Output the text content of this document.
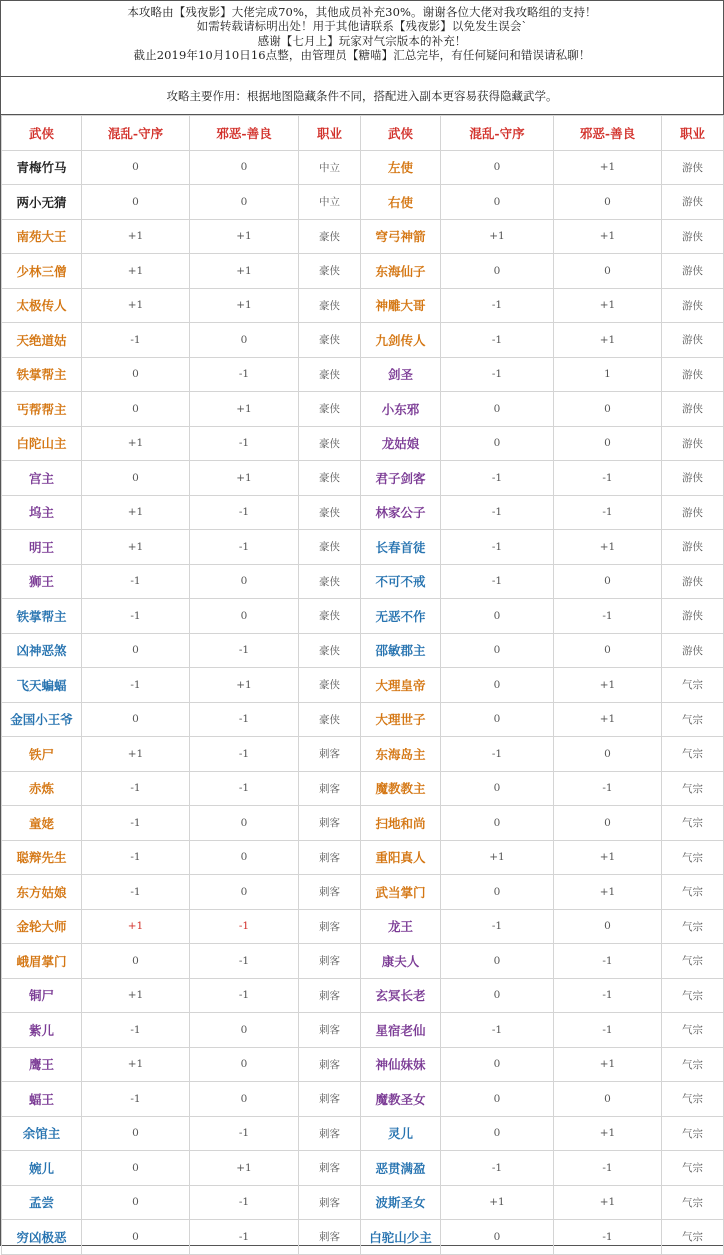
本攻略由【残夜影】大佬完成70%，其他成员补充30%。谢谢各位大佬对我攻略组的支持！
如需转载请标明出处！用于其他请联系【残夜影】以免发生误会`
感谢【七月上】玩家对气宗版本的补充！
截止2019年10月10日16点整，由管理员【糖喵】汇总完毕，有任何疑问和错误请私聊！
攻略主要作用：根据地图隐藏条件不同，搭配进入副本更容易获得隐藏武学。
武侠	混乱-守序	邪恶-善良	职业	武侠	混乱-守序	邪恶-善良	职业
青梅竹马	0	0	中立	左使	0	+1	游侠
两小无猜	0	0	中立	右使	0	0	游侠
南苑大王	+1	+1	豪侠	穹弓神箭	+1	+1	游侠
少林三僧	+1	+1	豪侠	东海仙子	0	0	游侠
太极传人	+1	+1	豪侠	神雕大哥	-1	+1	游侠
天绝道姑	-1	0	豪侠	九剑传人	-1	+1	游侠
铁掌帮主	0	-1	豪侠	剑圣	-1	1	游侠
丐帮帮主	0	+1	豪侠	小东邪	0	0	游侠
白陀山主	+1	-1	豪侠	龙姑娘	0	0	游侠
宫主	0	+1	豪侠	君子剑客	-1	-1	游侠
坞主	+1	-1	豪侠	林家公子	-1	-1	游侠
明王	+1	-1	豪侠	长春首徒	-1	+1	游侠
狮王	-1	0	豪侠	不可不戒	-1	0	游侠
铁掌帮主	-1	0	豪侠	无恶不作	0	-1	游侠
凶神恶煞	0	-1	豪侠	邵敏郡主	0	0	游侠
飞天蝙蝠	-1	+1	豪侠	大理皇帝	0	+1	气宗
金国小王爷	0	-1	豪侠	大理世子	0	+1	气宗
铁尸	+1	-1	刺客	东海岛主	-1	0	气宗
赤炼	-1	-1	刺客	魔教教主	0	-1	气宗
童姥	-1	0	刺客	扫地和尚	0	0	气宗
聪辩先生	-1	0	刺客	重阳真人	+1	+1	气宗
东方姑娘	-1	0	刺客	武当掌门	0	+1	气宗
金轮大师	+1	-1	刺客	龙王	-1	0	气宗
峨眉掌门	0	-1	刺客	康夫人	0	-1	气宗
铜尸	+1	-1	刺客	玄冥长老	0	-1	气宗
紫儿	-1	0	刺客	星宿老仙	-1	-1	气宗
鹰王	+1	0	刺客	神仙妹妹	0	+1	气宗
蝠王	-1	0	刺客	魔教圣女	0	0	气宗
余馆主	0	-1	刺客	灵儿	0	+1	气宗
婉儿	0	+1	刺客	恶贯满盈	-1	-1	气宗
孟尝	0	-1	刺客	波斯圣女	+1	+1	气宗
穷凶极恶	0	-1	刺客	白驼山少主	0	-1	气宗
